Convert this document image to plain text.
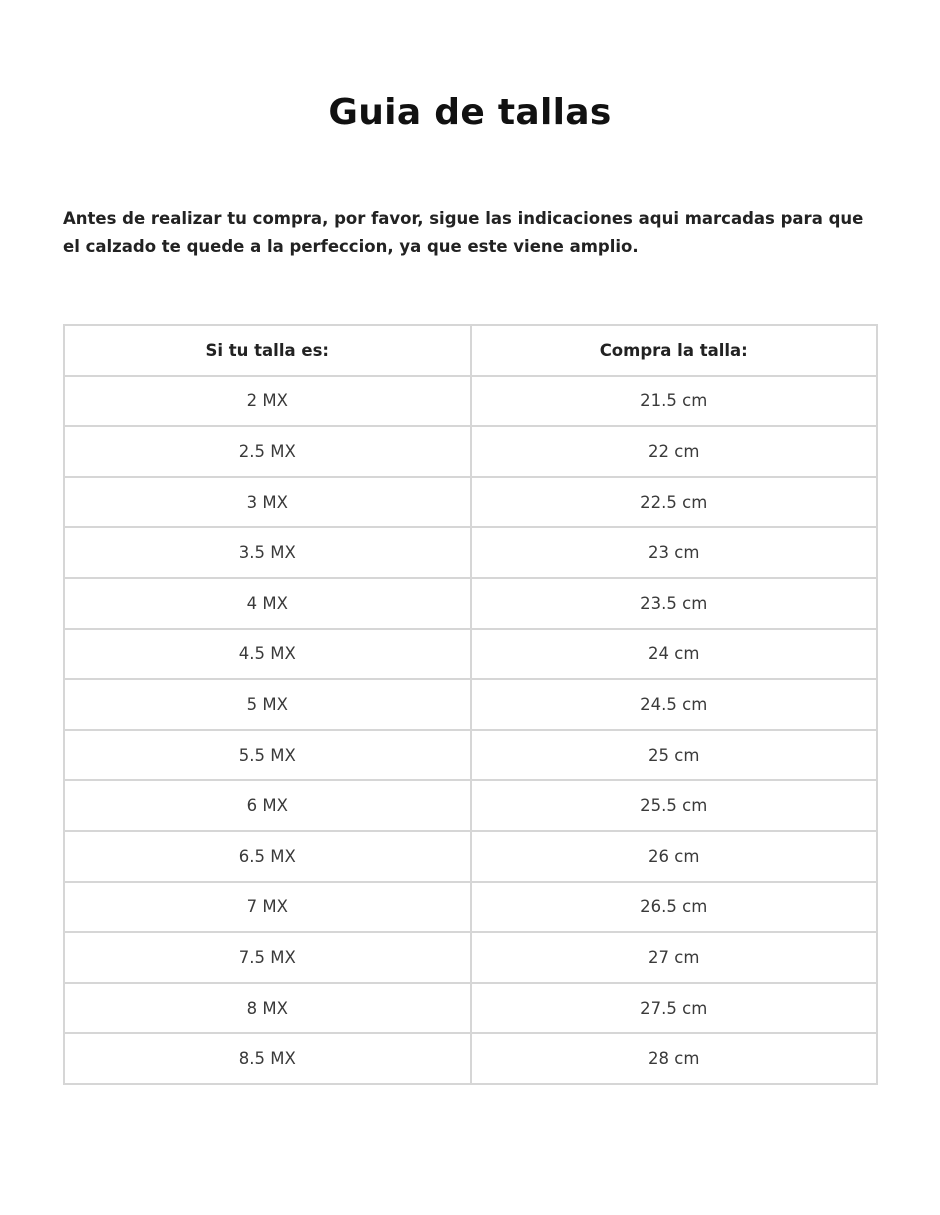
Guia de tallas

Antes de realizar tu compra, por favor, sigue las indicaciones aqui marcadas para que el calzado te quede a la perfeccion, ya que este viene amplio.

Si tu talla es:	Compra la talla:
2 MX	21.5 cm
2.5 MX	22 cm
3 MX	22.5 cm
3.5 MX	23 cm
4 MX	23.5 cm
4.5 MX	24 cm
5 MX	24.5 cm
5.5 MX	25 cm
6 MX	25.5 cm
6.5 MX	26 cm
7 MX	26.5 cm
7.5 MX	27 cm
8 MX	27.5 cm
8.5 MX	28 cm
